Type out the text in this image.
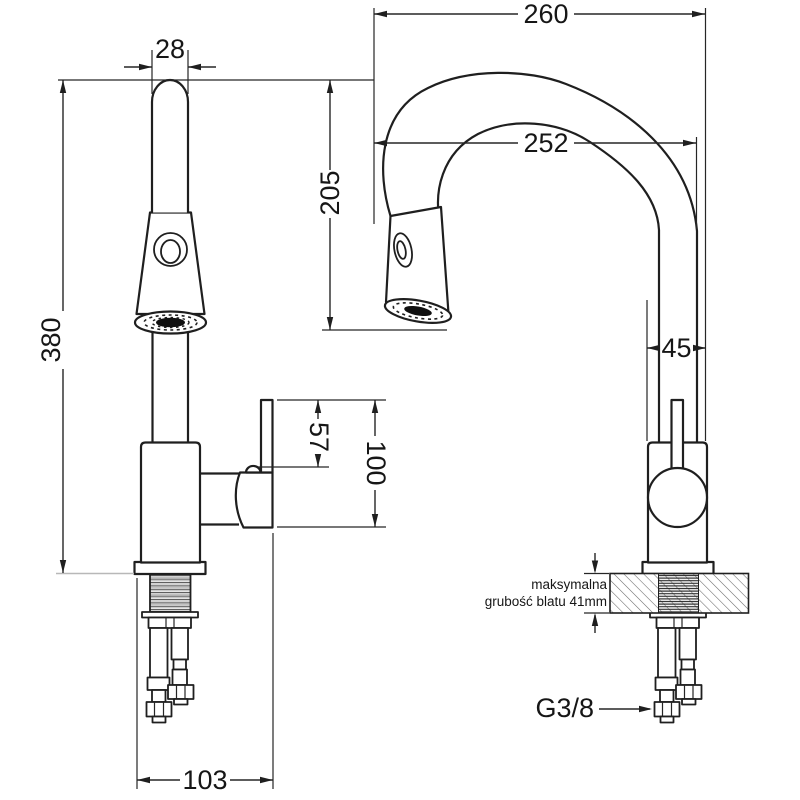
28
380
57
100
103
260
252
205
45
maksymalna
grubość blatu 41mm
G3/8
